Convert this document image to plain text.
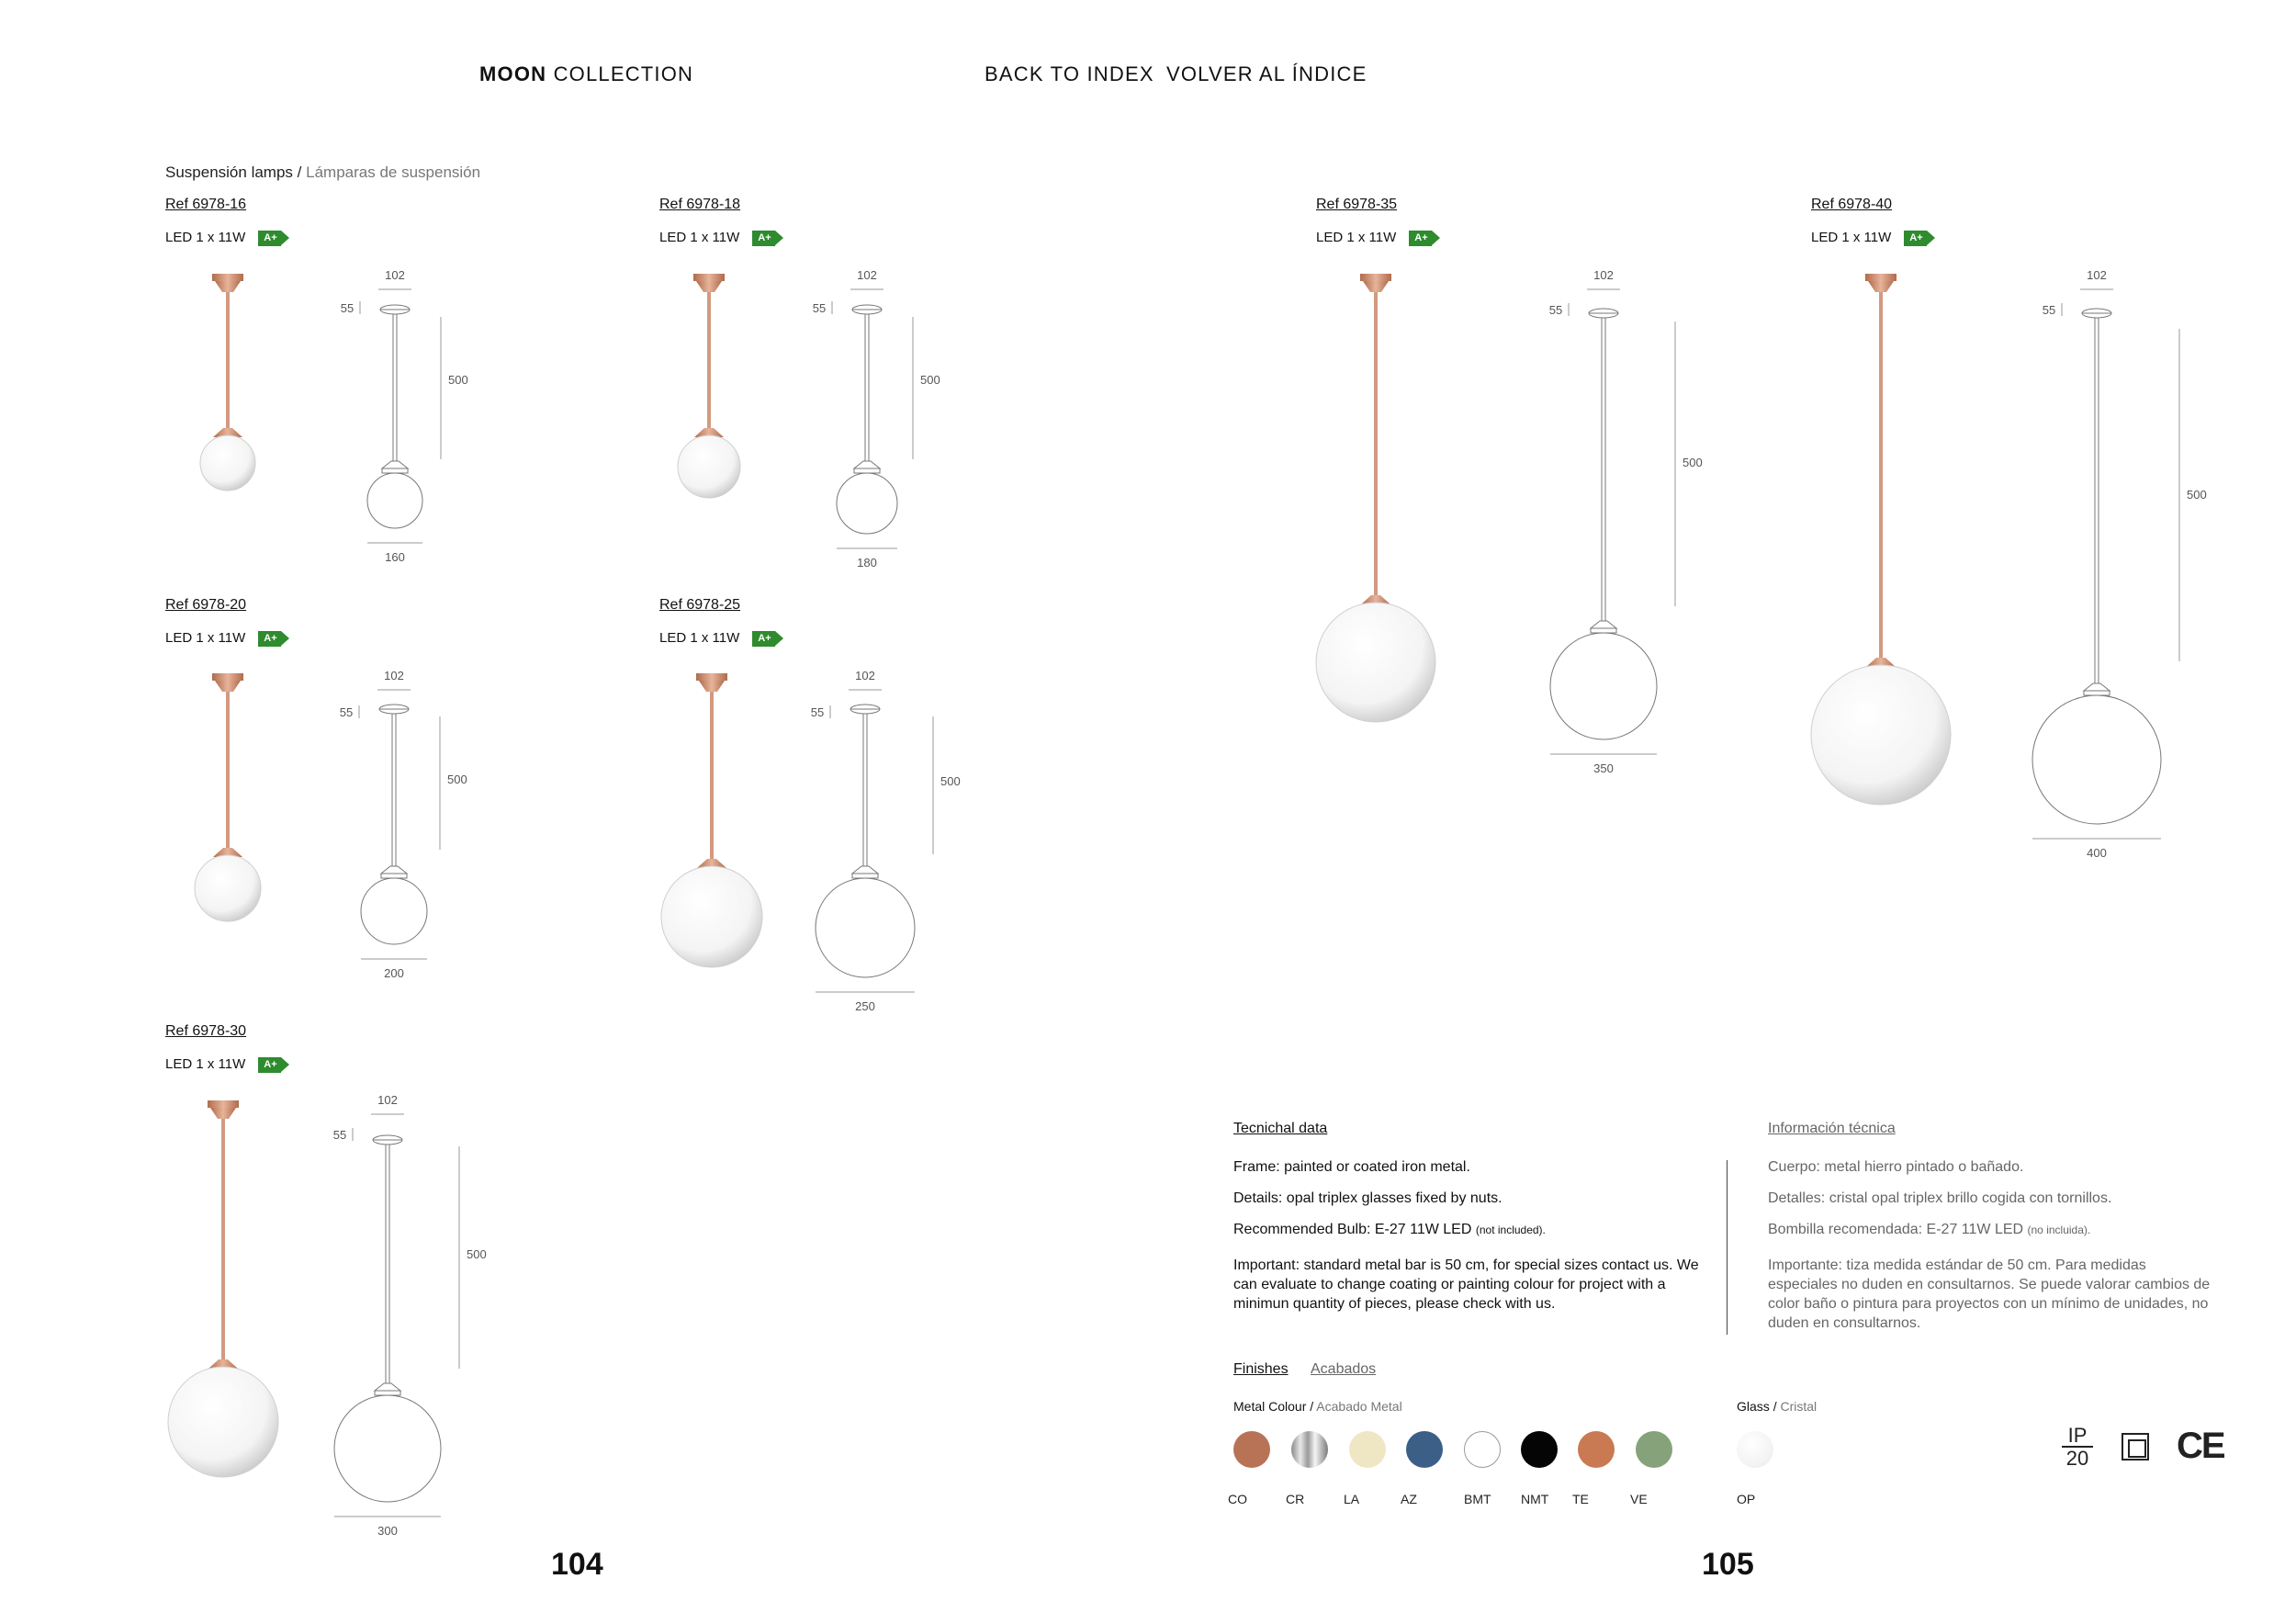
MOON COLLECTION	BACK TO INDEX VOLVER AL ÍNDICE
Suspensión lamps / Lámparas de suspensión
Ref 6978-16
LED 1 x 11W A+
Ref 6978-18
LED 1 x 11W A+
Ref 6978-20
LED 1 x 11W A+
Ref 6978-25
LED 1 x 11W A+
Ref 6978-30
LED 1 x 11W A+
Ref 6978-35
LED 1 x 11W A+
Ref 6978-40
LED 1 x 11W A+
104	105
Tecnichal data	Información técnica
Frame: painted or coated iron metal.
Details: opal triplex glasses fixed by nuts.
Recommended Bulb: E-27 11W LED (not included).
Important: standard metal bar is 50 cm, for special sizes contact us. We can evaluate to change coating or painting colour for project with a minimun quantity of pieces, please check with us.
Cuerpo: metal hierro pintado o bañado.
Detalles: cristal opal triplex brillo cogida con tornillos.
Bombilla recomendada: E-27 11W LED (no incluida).
Importante: tiza medida estándar de 50 cm. Para medidas especiales no duden en consultarnos. Se puede valorar cambios de color baño o pintura para proyectos con un mínimo de unidades, no duden en consultarnos.
Finishes Acabados
Metal Colour / Acabado Metal	Glass / Cristal
CO	CR	LA	AZ	BMT	NMT	TE	VE	OP
IP
20 CE
102
55
500
160
102
55
500
180
102
55
500
200
102
55
500
250
102
55
500
300
102
55
500
350
102
55
500
400
